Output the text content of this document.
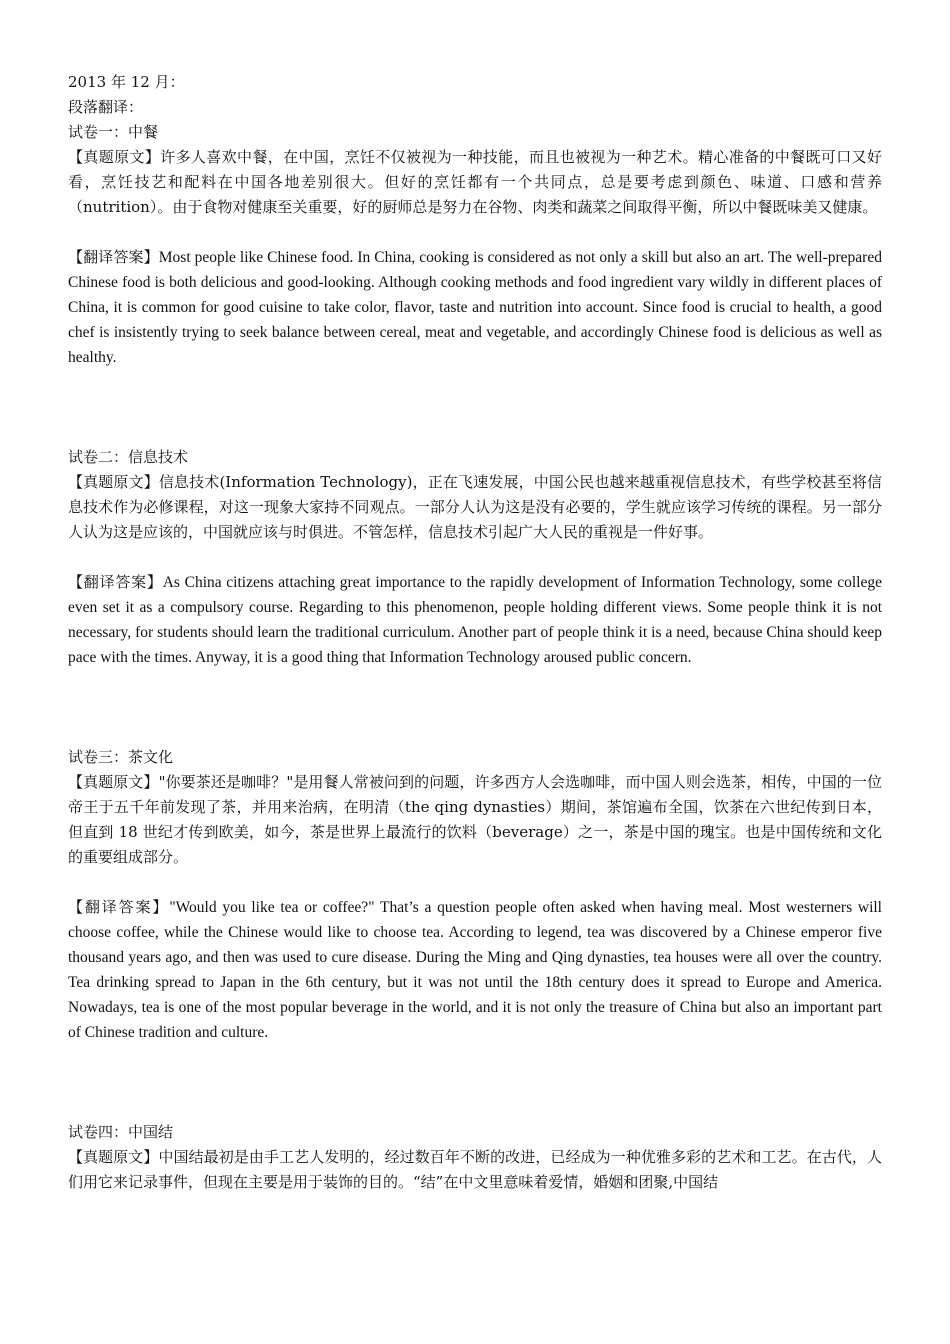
2013 年 12 月：
段落翻译：
试卷一：中餐

【真题原文】许多人喜欢中餐，在中国，烹饪不仅被视为一种技能，而且也被视为一种艺术。精心准备的中餐既可口又好看，烹饪技艺和配料在中国各地差别很大。但好的烹饪都有一个共同点，总是要考虑到颜色、味道、口感和营养（nutrition）。由于食物对健康至关重要，好的厨师总是努力在谷物、肉类和蔬菜之间取得平衡，所以中餐既味美又健康。

【翻译答案】Most people like Chinese food. In China, cooking is considered as not only a skill but also an art. The well-prepared Chinese food is both delicious and good-looking. Although cooking methods and food ingredient vary wildly in different places of China, it is common for good cuisine to take color, flavor, taste and nutrition into account. Since food is crucial to health, a good chef is insistently trying to seek balance between cereal, meat and vegetable, and accordingly Chinese food is delicious as well as healthy.

试卷二：信息技术

【真题原文】信息技术(Information Technology)，正在飞速发展，中国公民也越来越重视信息技术，有些学校甚至将信息技术作为必修课程，对这一现象大家持不同观点。一部分人认为这是没有必要的，学生就应该学习传统的课程。另一部分人认为这是应该的，中国就应该与时俱进。不管怎样，信息技术引起广大人民的重视是一件好事。

【翻译答案】As China citizens attaching great importance to the rapidly development of Information Technology, some college even set it as a compulsory course. Regarding to this phenomenon, people holding different views. Some people think it is not necessary, for students should learn the traditional curriculum. Another part of people think it is a need, because China should keep pace with the times. Anyway, it is a good thing that Information Technology aroused public concern.

试卷三：茶文化

【真题原文】"你要茶还是咖啡？"是用餐人常被问到的问题，许多西方人会选咖啡，而中国人则会选茶，相传，中国的一位帝王于五千年前发现了茶，并用来治病，在明清（the qing dynasties）期间，茶馆遍布全国，饮茶在六世纪传到日本，但直到 18 世纪才传到欧美，如今，茶是世界上最流行的饮料（beverage）之一，茶是中国的瑰宝。也是中国传统和文化的重要组成部分。

【翻译答案】"Would you like tea or coffee?" That’s a question people often asked when having meal. Most westerners will choose coffee, while the Chinese would like to choose tea. According to legend, tea was discovered by a Chinese emperor five thousand years ago, and then was used to cure disease. During the Ming and Qing dynasties, tea houses were all over the country. Tea drinking spread to Japan in the 6th century, but it was not until the 18th century does it spread to Europe and America. Nowadays, tea is one of the most popular beverage in the world, and it is not only the treasure of China but also an important part of Chinese tradition and culture.

试卷四：中国结

【真题原文】中国结最初是由手工艺人发明的，经过数百年不断的改进，已经成为一种优雅多彩的艺术和工艺。在古代，人们用它来记录事件，但现在主要是用于装饰的目的。“结”在中文里意味着爱情，婚姻和团聚,中国结
